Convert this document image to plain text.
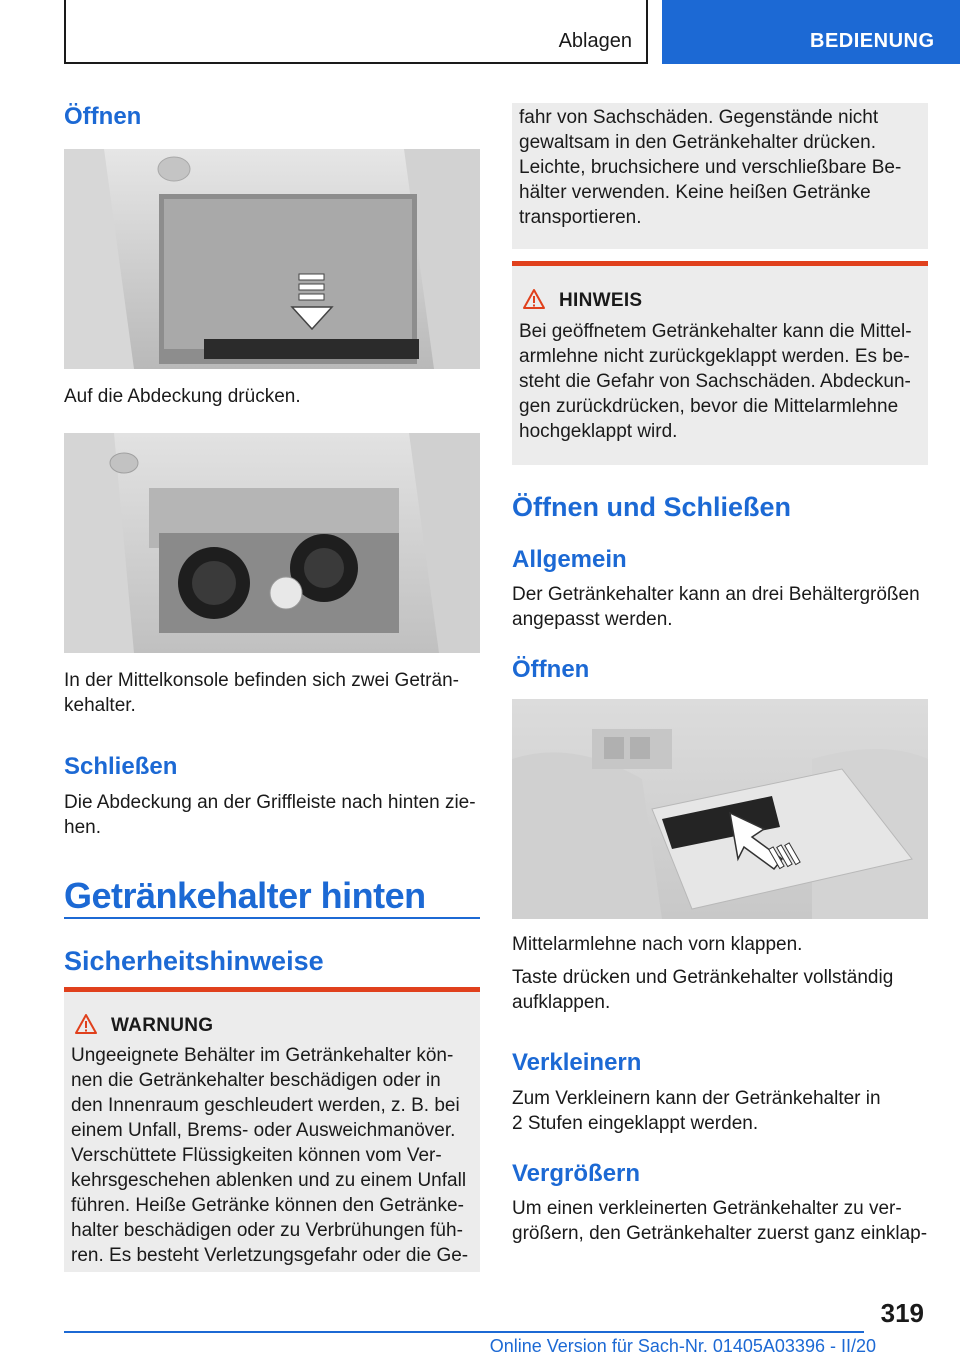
Ablagen	BEDIENUNG
Öffnen
Auf die Abdeckung drücken.
In der Mittelkonsole befinden sich zwei Geträn-
kehalter.
Schließen
Die Abdeckung an der Griffleiste nach hinten zie-
hen.
Getränkehalter hinten
Sicherheitshinweise
WARNUNG
Ungeeignete Behälter im Getränkehalter kön-
nen die Getränkehalter beschädigen oder in
den Innenraum geschleudert werden, z. B. bei
einem Unfall, Brems- oder Ausweichmanöver.
Verschüttete Flüssigkeiten können vom Ver-
kehrsgeschehen ablenken und zu einem Unfall
führen. Heiße Getränke können den Getränke-
halter beschädigen oder zu Verbrühungen füh-
ren. Es besteht Verletzungsgefahr oder die Ge-
fahr von Sachschäden. Gegenstände nicht
gewaltsam in den Getränkehalter drücken.
Leichte, bruchsichere und verschließbare Be-
hälter verwenden. Keine heißen Getränke
transportieren.
HINWEIS
Bei geöffnetem Getränkehalter kann die Mittel-
armlehne nicht zurückgeklappt werden. Es be-
steht die Gefahr von Sachschäden. Abdeckun-
gen zurückdrücken, bevor die Mittelarmlehne
hochgeklappt wird.
Öffnen und Schließen
Allgemein
Der Getränkehalter kann an drei Behältergrößen
angepasst werden.
Öffnen
Mittelarmlehne nach vorn klappen.
Taste drücken und Getränkehalter vollständig
aufklappen.
Verkleinern
Zum Verkleinern kann der Getränkehalter in
2 Stufen eingeklappt werden.
Vergrößern
Um einen verkleinerten Getränkehalter zu ver-
größern, den Getränkehalter zuerst ganz einklap-
319
Online Version für Sach-Nr. 01405A03396 - II/20
